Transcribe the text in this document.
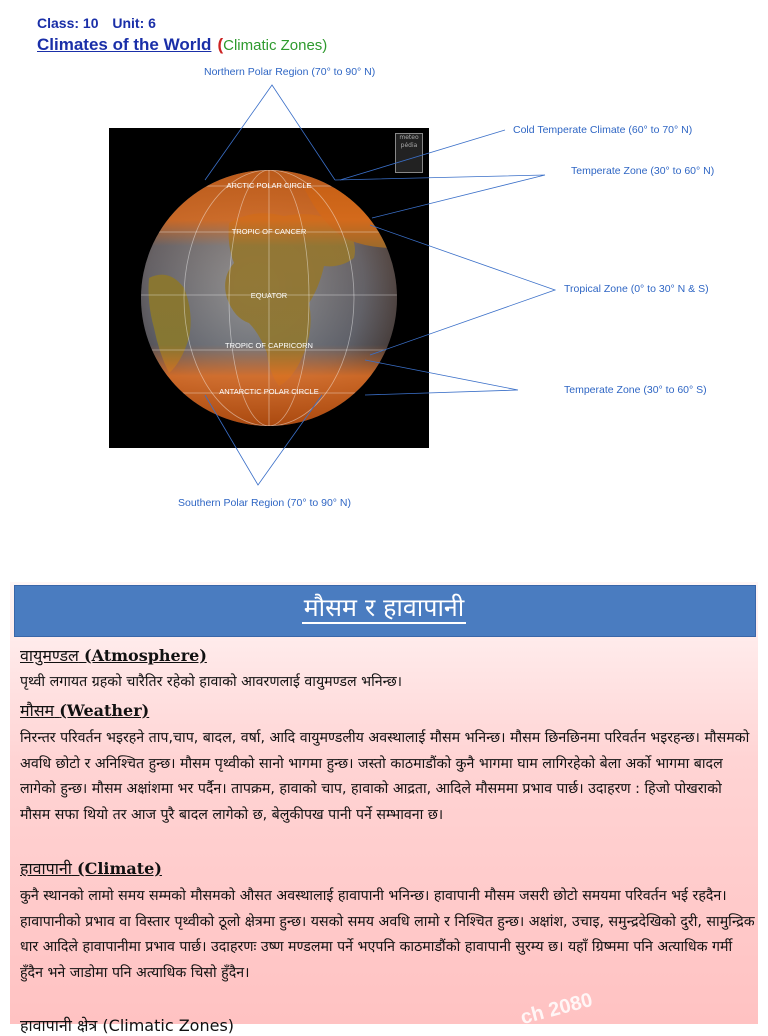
Class: 10 Unit: 6
Climates of the World (Climatic Zones)
ARCTIC POLAR CIRCLE
TROPIC OF CANCER
EQUATOR
TROPIC OF CAPRICORN
ANTARCTIC POLAR CIRCLE
meteo pédia
Northern Polar Region (70° to 90° N)
Cold Temperate Climate (60° to 70° N)
Temperate Zone (30° to 60° N)
Tropical Zone (0° to 30° N & S)
Temperate Zone (30° to 60° S)
Southern Polar Region (70° to 90° N)
मौसम र हावापानी
वायुमण्डल (Atmosphere)
पृथ्वी लगायत ग्रहको चारैतिर रहेको हावाको आवरणलाई वायुमण्डल भनिन्छ।
मौसम (Weather)
निरन्तर परिवर्तन भइरहने ताप,चाप, बादल, वर्षा, आदि वायुमण्डलीय अवस्थालाई मौसम भनिन्छ। मौसम छिनछिनमा परिवर्तन भइरहन्छ। मौसमको अवधि छोटो र अनिश्चित हुन्छ। मौसम पृथ्वीको सानो भागमा हुन्छ। जस्तो काठमाडौंको कुनै भागमा घाम लागिरहेको बेला अर्को भागमा बादल लागेको हुन्छ। मौसम अक्षांशमा भर पर्दैन। तापक्रम, हावाको चाप, हावाको आद्रता, आदिले मौसममा प्रभाव पार्छ। उदाहरण : हिजो पोखराको मौसम सफा थियो तर आज पुरै बादल लागेको छ, बेलुकीपख पानी पर्ने सम्भावना छ।
हावापानी (Climate)
कुनै स्थानको लामो समय सम्मको मौसमको औसत अवस्थालाई हावापानी भनिन्छ। हावापानी मौसम जसरी छोटो समयमा परिवर्तन भई रहदैन। हावापानीको प्रभाव वा विस्तार पृथ्वीको ठूलो क्षेत्रमा हुन्छ। यसको समय अवधि लामो र निश्चित हुन्छ। अक्षांश, उचाइ, समुन्द्रदेखिको दुरी, सामुन्द्रिक धार आदिले हावापानीमा प्रभाव पार्छ। उदाहरणः उष्ण मण्डलमा पर्ने भएपनि काठमाडौंको हावापानी सुरम्य छ। यहाँ ग्रिष्ममा पनि अत्याधिक गर्मी हुँदैन भने जाडोमा पनि अत्याधिक चिसो हुँदैन।
हावापानी क्षेत्र (Climatic Zones)	ch 2080
